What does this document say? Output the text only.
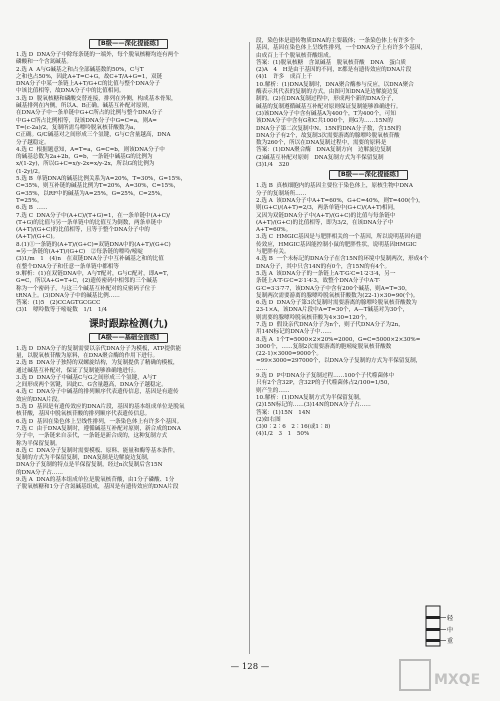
[B级——深化提能练]

1.选 D  DNA分子中除每条链的一端外，每个脱氧核糖均连有两个

磷酸和一个含氮碱基。

2.选 A  A与G碱基之和占全部碱基数的50%，C与T

之和也占50%，因此A+T=C+G，故C+T/A+G=1，双链

DNA分子中某一条链上A+T/G+C的比值与整个DNA分子

中该比值相等，故DNA分子中的比值相同。

3.选 D  脱氧核糖和磷酸交替连接，排列在外侧，构成基本骨架，

碱基排列在内侧，所以A、B正确。碱基互补配对原则，

在DNA分子中一条单链中G+C所占的比例与整个DNA分子

中G+C所占比例相等，设该DNA分子中G=C=a，则A=

T=(c-2a)/2，复制所需鸟嘌呤脱氧核苷酸数为a，

C正确。G/C碱基对之间形成三个氢键，G与C含量越高，DNA

分子越稳定。

4.选 C  根据题意知，A=T=a，G=C=b，则该DNA分子中

的碱基总数为2a+2b，G=b，一条链中碱基G的比例为

x/(1-2y)，所以G+C=x/y-2x=x/y-2x，所以G的比例为

(1-2y)/2。

5.选 B  单链DNA的碱基比例关系为A=20%，T=30%，G=15%，

C=35%，则互补链的碱基比例为T=20%，A=30%，C=15%，

G=35%，以RF中的碱基为A=25%，G=25%，C=25%，

T=25%。

6.选 B  ……

7.选 C  DNA分子中(A+C)/(T+G)=1，在一条单链中(A+C)/

(T+G)的比值与另一条单链中的比值互为倒数，两条单链中

(A+T)/(G+C)的比值相等，且等于整个DNA分子中的

(A+T)/(G+C)。

8.(1)①一条链的(A+T)/(G+C)=双链DNA中的(A+T)/(G+C)

=另一条链的(A+T)/(G+C)　②每条链的嘌呤/嘧啶

(3)1/m　1　(4)n　在双链DNA分子中互补碱基之和的比值

在整个DNA分子和任意一条单链中都相等

9.解析：(1)在双链DNA中，A与T配对，G与C配对，即A=T，

G=C，所以A+G=T+C，(2)遗传密码中相邻的三个碱基

称为一个密码子，与这三个碱基互补配对的反密码子位于

tRNA上。(3)DNA分子中的碱基比例……

答案：(1)5　(2)CCAGTGCGCC

(3)1　嘌呤数等于嘧啶数　1/1　1/4

课时跟踪检测(九)
[A级——基础全面练]

1.选 D  DNA分子的复制需要以亲代DNA分子为模板，ATP提供能

量，以脱氧核苷酸为原料，在DNA聚合酶的作用下进行。

2.选 B  DNA分子独特的双螺旋结构，为复制提供了精确的模板，

通过碱基互补配对，保证了复制能够准确地进行。

3.选 D  DNA分子中碱基C与G之间形成三个氢键，A与T

之间形成两个氢键，因此C、G含量越高，DNA分子越稳定。

4.选 C  DNA分子中碱基的排列顺序代表遗传信息，基因是有遗传

效应的DNA片段。

5.选 D  基因是有遗传效应的DNA片段，基因的基本组成单位是脱氧

核苷酸，基因中脱氧核苷酸的排列顺序代表遗传信息。

6.选 D  基因在染色体上呈线性排列，一条染色体上有许多个基因。

7.选 C  由于DNA复制时，遵循碱基互补配对原则，新合成的DNA

分子中，一条链来自亲代，一条链是新合成的，这种复制方式

称为半保留复制。

8.选 C  DNA分子复制时需要模板、原料、能量和酶等基本条件，

复制的方式为半保留复制，DNA复制是边解旋边复制，

DNA分子复制的特点是半保留复制，经过n次复制后含15N

的DNA分子占……

9.选 A  DNA的基本组成单位是脱氧核苷酸，由1分子磷酸、1分

子脱氧核糖和1分子含氮碱基组成，基因是有遗传效应的DNA片段

段，染色体是遗传物质DNA的主要载体；一条染色体上有许多个

基因，基因在染色体上呈线性排列，一个DNA分子上有许多个基因，

由成百上千个脱氧核苷酸组成。

答案：(1)脱氧核糖　含氮碱基　脱氧核苷酸　DNA　蛋白质

(2)A　4　H是由于基因的不同，E都是有遗传效应的DNA片段

(4)1　许多　成百上千

10.解析：(1)DNA复制时，DNA聚合酶参与反应，以DNA聚合

酶表示其代表的复制的方式，由图可知DNA是边解旋边复

制的。(2)在DNA复制过程中，形成两个新的DNA分子，

碱基的复制遵循碱基互补配对原则保证复制能够准确进行。

(3)该DNA分子中含有碱基A为400个，T为400个，可知

该DNA分子中含有G和C共1000个，则G为……15N的

DNA分子第二次复制中N、15N的DNA分子数，含15N的

DNA分子有2个，故复制3次需要游离的腺嘌呤脱氧核苷酸

数为260个，所以在DNA复制过程中，需要的原料是

答案：(1)DNA聚合酶　DNA复制方向　边解旋边复制

(2)碱基互补配对原则　DNA复制方式为半保留复制

(3)1/4　320

[B级——深化提能练]

1.选 B  真核细胞内的基因主要位于染色体上，原核生物中DNA

分子的复制场所……

2.选 A  该DNA分子中A+T=60%，G+C=40%，则T=400(个)，

则(G+C)/(A+T)=2/3，两条单链中(G+C)/(A+T)相同，

又因为双链DNA分子中(A+T)/(G+C)的比值与每条链中

(A+T)/(G+C)的比值相等，即为3/2，在该DNA分子中

A+T=60%。

3.选 C  HMGIC基因是与肥胖相关的一个基因，所以说明基因有遗

传效应，HMGIC基因能控制小鼠的肥胖性状，说明基因HMGIC

与肥胖有关。

4.选 B  一个未标记的DNA分子在含15N的环境中复制两次，形成4个

DNA分子，其中只含14N的有0个，含15N的有4个。

5.选 A  该DNA分子的一条链上A∶T∶G∶C=1∶2∶3∶4，另一

条链上A∶T∶G∶C=2∶1∶4∶3，故整个DNA分子中A∶T∶

G∶C=3∶3∶7∶7，该DNA分子中含有200个碱基，则A=T=30，

复制两次需要游离的腺嘌呤脱氧核苷酸数为(22-1)×30=90(个)。

6.选 D  DNA分子第3次复制时需要游离的腺嘌呤脱氧核苷酸数为

23-1×A，该DNA片段中A=T=30个，A—T碱基对为30个，

则需要的腺嘌呤脱氧核苷酸为4×30=120个。

7.选 D  假设亲代DNA分子为n个，则子代DNA分子为2n，

用14N标记的DNA分子中……

8.选 A  1个T=5000×2×20%=2000，G=C=5000×2×30%=

3000个，……复制2次需要游离的胞嘧啶脱氧核苷酸数

(22-1)×3000=9000个。

=99×3000=297000个，以DNA分子复制的方式为半保留复制，

……

9.选 D  P中DNA分子复制过程……100个子代噬菌体中

只有2个含32P，含32P的子代噬菌体占2/100=1/50，

则产生的……

10.解析：(1)DNA复制方式为半保留复制，

(2)15N标记的……(3)14N的DNA分子占……

答案：(1)15N　14N

(2)如右图

(3)0∶2∶6　2∶16(或1∶8)

(4)1/2　3　1　50%

轻
中
重
— 128 —
MXQE
